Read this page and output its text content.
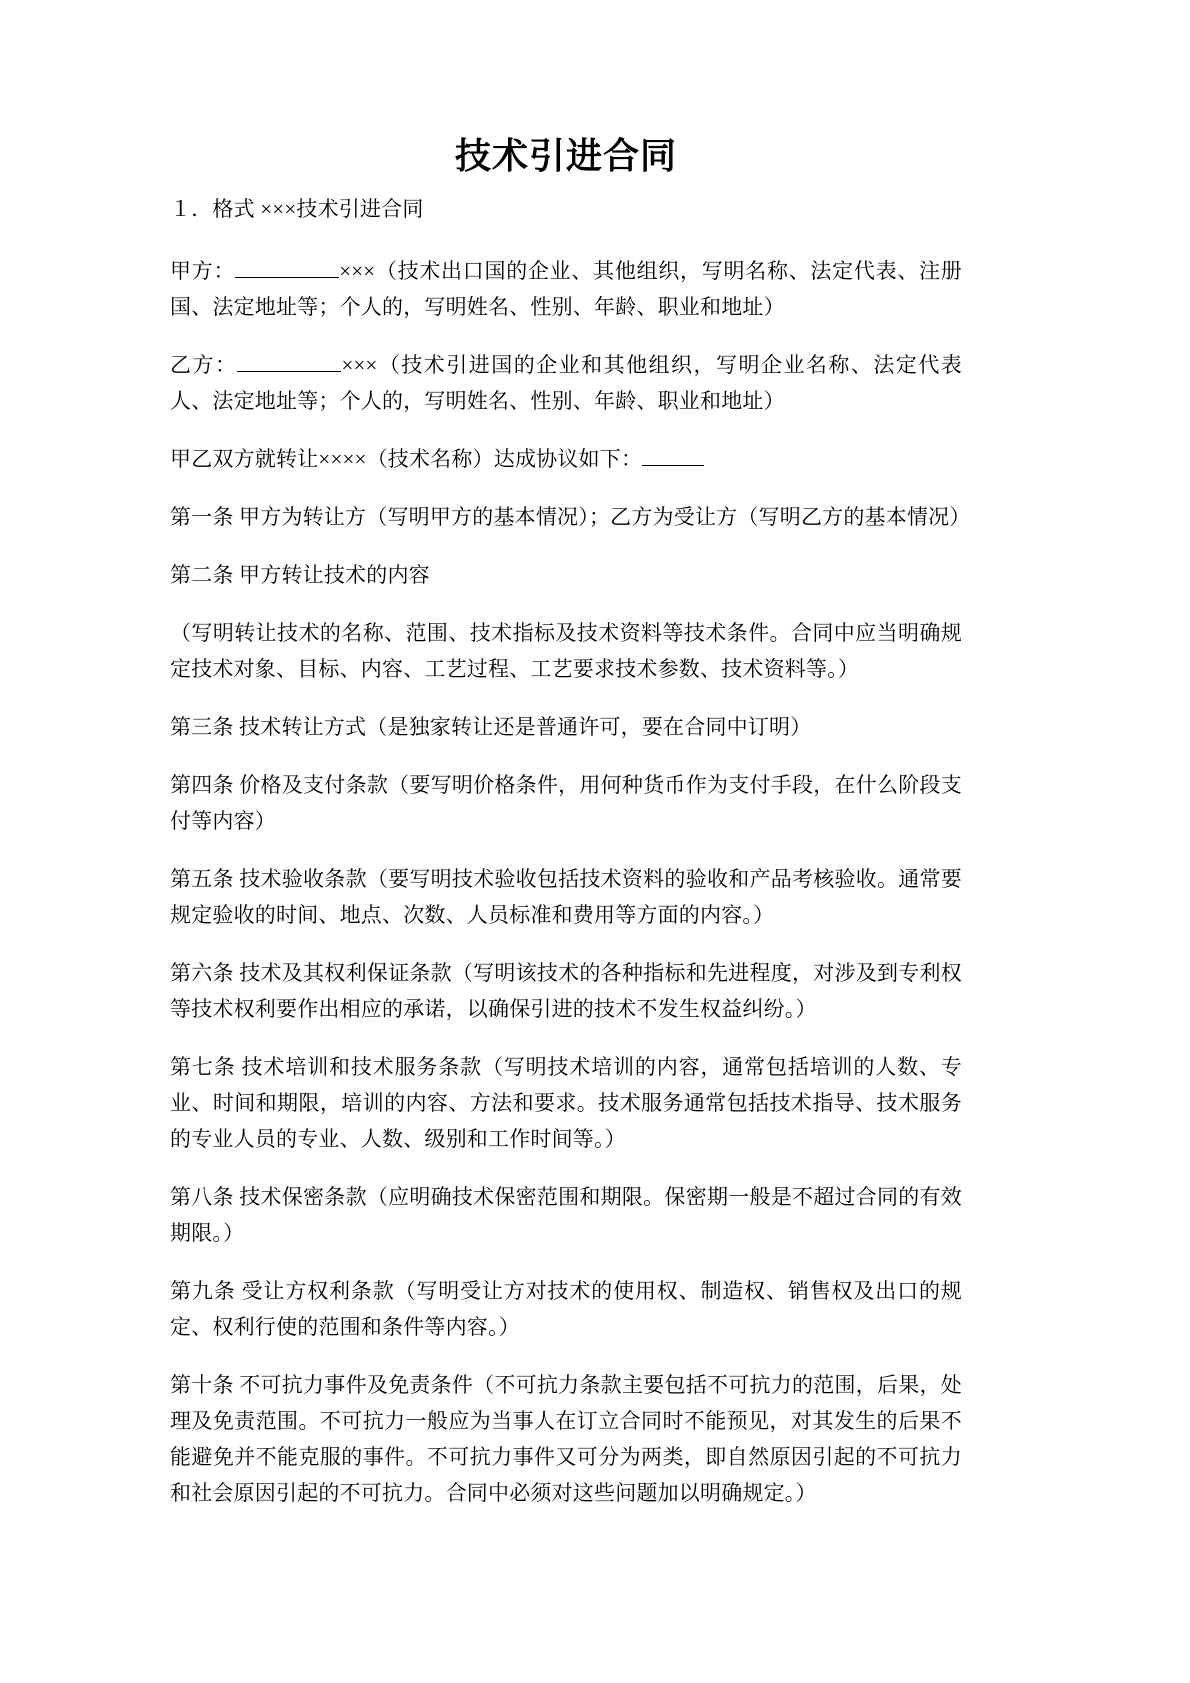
技术引进合同

１．格式 ×××技术引进合同

甲方：	×××（技术出口国的企业、其他组织，写明名称、法定代表、注册国、法定地址等；个人的，写明姓名、性别、年龄、职业和地址）

乙方：	×××（技术引进国的企业和其他组织，写明企业名称、法定代表人、法定地址等；个人的，写明姓名、性别、年龄、职业和地址）

甲乙双方就转让××××（技术名称）达成协议如下：

第一条 甲方为转让方（写明甲方的基本情况）；乙方为受让方（写明乙方的基本情况）

第二条 甲方转让技术的内容

（写明转让技术的名称、范围、技术指标及技术资料等技术条件。合同中应当明确规定技术对象、目标、内容、工艺过程、工艺要求技术参数、技术资料等。）

第三条 技术转让方式（是独家转让还是普通许可，要在合同中订明）

第四条 价格及支付条款（要写明价格条件，用何种货币作为支付手段，在什么阶段支付等内容）

第五条 技术验收条款（要写明技术验收包括技术资料的验收和产品考核验收。通常要规定验收的时间、地点、次数、人员标准和费用等方面的内容。）

第六条 技术及其权利保证条款（写明该技术的各种指标和先进程度，对涉及到专利权等技术权利要作出相应的承诺，以确保引进的技术不发生权益纠纷。）

第七条 技术培训和技术服务条款（写明技术培训的内容，通常包括培训的人数、专业、时间和期限，培训的内容、方法和要求。技术服务通常包括技术指导、技术服务的专业人员的专业、人数、级别和工作时间等。）

第八条 技术保密条款（应明确技术保密范围和期限。保密期一般是不超过合同的有效期限。）

第九条 受让方权利条款（写明受让方对技术的使用权、制造权、销售权及出口的规定、权利行使的范围和条件等内容。）

第十条 不可抗力事件及免责条件（不可抗力条款主要包括不可抗力的范围，后果，处理及免责范围。不可抗力一般应为当事人在订立合同时不能预见，对其发生的后果不能避免并不能克服的事件。不可抗力事件又可分为两类，即自然原因引起的不可抗力和社会原因引起的不可抗力。合同中必须对这些问题加以明确规定。）
